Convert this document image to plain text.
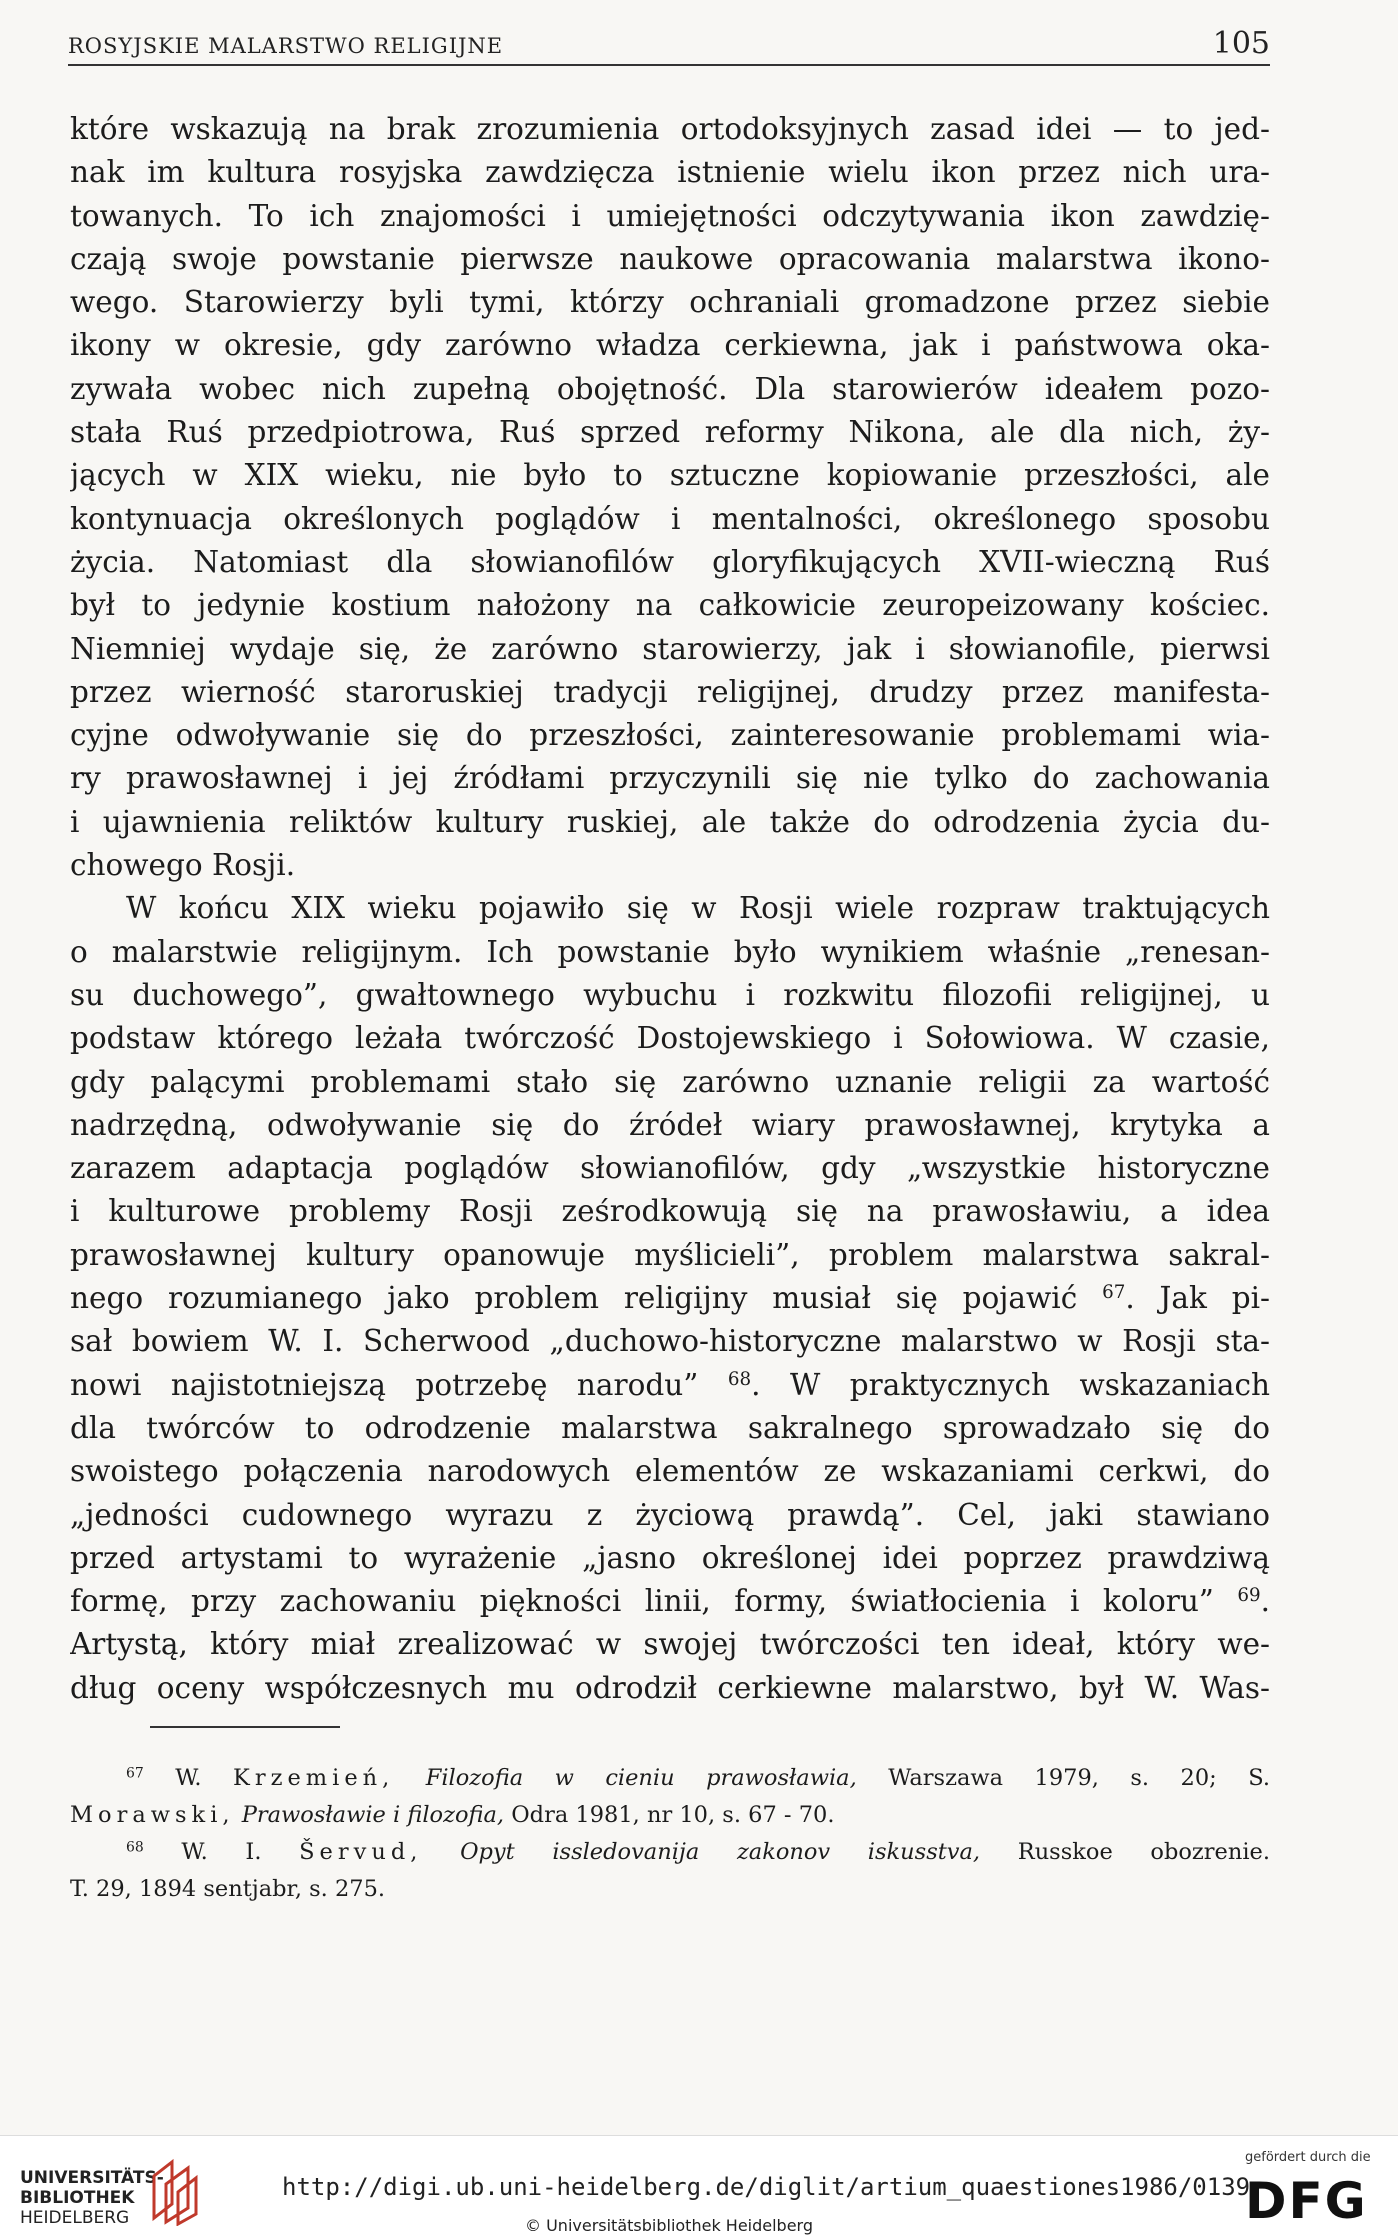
ROSYJSKIE MALARSTWO RELIGIJNE	105
które wskazują na brak zrozumienia ortodoksyjnych zasad idei — to jed-
nak im kultura rosyjska zawdzięcza istnienie wielu ikon przez nich ura-
towanych. To ich znajomości i umiejętności odczytywania ikon zawdzię-
czają swoje powstanie pierwsze naukowe opracowania malarstwa ikono-
wego. Starowierzy byli tymi, którzy ochraniali gromadzone przez siebie
ikony w okresie, gdy zarówno władza cerkiewna, jak i państwowa oka-
zywała wobec nich zupełną obojętność. Dla starowierów ideałem pozo-
stała Ruś przedpiotrowa, Ruś sprzed reformy Nikona, ale dla nich, ży-
jących w XIX wieku, nie było to sztuczne kopiowanie przeszłości, ale
kontynuacja określonych poglądów i mentalności, określonego sposobu
życia. Natomiast dla słowianofilów gloryfikujących XVII-wieczną Ruś
był to jedynie kostium nałożony na całkowicie zeuropeizowany kościec.
Niemniej wydaje się, że zarówno starowierzy, jak i słowianofile, pierwsi
przez wierność staroruskiej tradycji religijnej, drudzy przez manifesta-
cyjne odwoływanie się do przeszłości, zainteresowanie problemami wia-
ry prawosławnej i jej źródłami przyczynili się nie tylko do zachowania
i ujawnienia reliktów kultury ruskiej, ale także do odrodzenia życia du-
chowego Rosji.
W końcu XIX wieku pojawiło się w Rosji wiele rozpraw traktujących
o malarstwie religijnym. Ich powstanie było wynikiem właśnie „renesan-
su duchowego”, gwałtownego wybuchu i rozkwitu filozofii religijnej, u
podstaw którego leżała twórczość Dostojewskiego i Sołowiowa. W czasie,
gdy palącymi problemami stało się zarówno uznanie religii za wartość
nadrzędną, odwoływanie się do źródeł wiary prawosławnej, krytyka a
zarazem adaptacja poglądów słowianofilów, gdy „wszystkie historyczne
i kulturowe problemy Rosji ześrodkowują się na prawosławiu, a idea
prawosławnej kultury opanowuje myślicieli”, problem malarstwa sakral-
nego rozumianego jako problem religijny musiał się pojawić $^{67}$. Jak pi-
sał bowiem W. I. Scherwood „duchowo-historyczne malarstwo w Rosji sta-
nowi najistotniejszą potrzebę narodu” $^{68}$. W praktycznych wskazaniach
dla twórców to odrodzenie malarstwa sakralnego sprowadzało się do
swoistego połączenia narodowych elementów ze wskazaniami cerkwi, do
„jedności cudownego wyrazu z życiową prawdą”. Cel, jaki stawiano
przed artystami to wyrażenie „jasno określonej idei poprzez prawdziwą
formę, przy zachowaniu piękności linii, formy, światłocienia i koloru” $^{69}$.
Artystą, który miał zrealizować w swojej twórczości ten ideał, który we-
dług oceny współczesnych mu odrodził cerkiewne malarstwo, był W. Was-
$^{67}$ W. Krzemień, Filozofia w cieniu prawosławia, Warszawa 1979, s. 20; S.
Morawski, Prawosławie i filozofia, Odra 1981, nr 10, s. 67 - 70.
$^{68}$ W. I. Šervud, Opyt issledovanija zakonov iskusstva, Russkoe obozrenie.
T. 29, 1894 sentjabr, s. 275.
UNIVERSITÄTS-
BIBLIOTHEK
HEIDELBERG
http://digi.ub.uni-heidelberg.de/diglit/artium_quaestiones1986/0139
© Universitätsbibliothek Heidelberg
gefördert durch die
DFG
